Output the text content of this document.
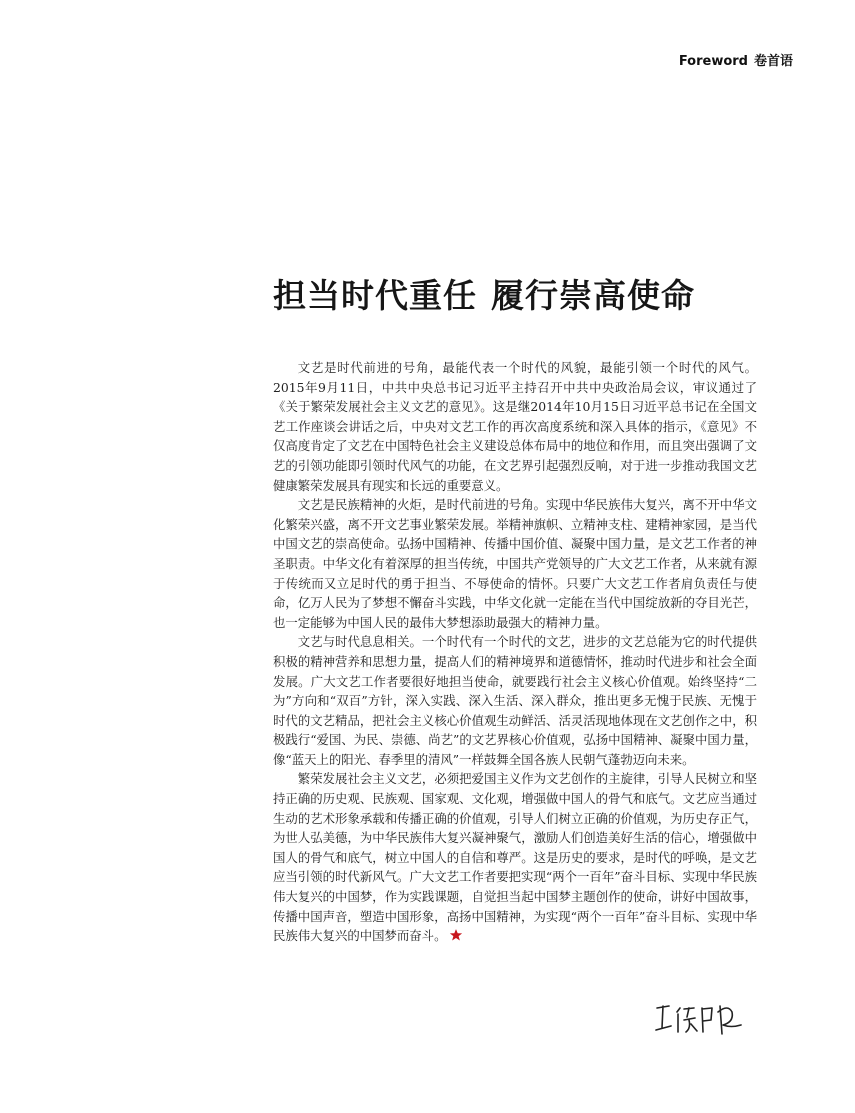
Foreword 卷首语
担当时代重任 履行崇高使命

文艺是时代前进的号角，最能代表一个时代的风貌，最能引领一个时代的风气。2015年9月11日，中共中央总书记习近平主持召开中共中央政治局会议，审议通过了《关于繁荣发展社会主义文艺的意见》。这是继2014年10月15日习近平总书记在全国文艺工作座谈会讲话之后，中央对文艺工作的再次高度系统和深入具体的指示，《意见》不仅高度肯定了文艺在中国特色社会主义建设总体布局中的地位和作用，而且突出强调了文艺的引领功能即引领时代风气的功能，在文艺界引起强烈反响，对于进一步推动我国文艺健康繁荣发展具有现实和长远的重要意义。

文艺是民族精神的火炬，是时代前进的号角。实现中华民族伟大复兴，离不开中华文化繁荣兴盛，离不开文艺事业繁荣发展。举精神旗帜、立精神支柱、建精神家园，是当代中国文艺的崇高使命。弘扬中国精神、传播中国价值、凝聚中国力量，是文艺工作者的神圣职责。中华文化有着深厚的担当传统，中国共产党领导的广大文艺工作者，从来就有源于传统而又立足时代的勇于担当、不辱使命的情怀。只要广大文艺工作者肩负责任与使命，亿万人民为了梦想不懈奋斗实践，中华文化就一定能在当代中国绽放新的夺目光芒，也一定能够为中国人民的最伟大梦想添助最强大的精神力量。

文艺与时代息息相关。一个时代有一个时代的文艺，进步的文艺总能为它的时代提供积极的精神营养和思想力量，提高人们的精神境界和道德情怀，推动时代进步和社会全面发展。广大文艺工作者要很好地担当使命，就要践行社会主义核心价值观。始终坚持“二为”方向和“双百”方针，深入实践、深入生活、深入群众，推出更多无愧于民族、无愧于时代的文艺精品，把社会主义核心价值观生动鲜活、活灵活现地体现在文艺创作之中，积极践行“爱国、为民、崇德、尚艺”的文艺界核心价值观，弘扬中国精神、凝聚中国力量，像“蓝天上的阳光、春季里的清风”一样鼓舞全国各族人民朝气蓬勃迈向未来。

繁荣发展社会主义文艺，必须把爱国主义作为文艺创作的主旋律，引导人民树立和坚持正确的历史观、民族观、国家观、文化观，增强做中国人的骨气和底气。文艺应当通过生动的艺术形象承载和传播正确的价值观，引导人们树立正确的价值观，为历史存正气，为世人弘美德，为中华民族伟大复兴凝神聚气，激励人们创造美好生活的信心，增强做中国人的骨气和底气，树立中国人的自信和尊严。这是历史的要求，是时代的呼唤，是文艺应当引领的时代新风气。广大文艺工作者要把实现“两个一百年”奋斗目标、实现中华民族伟大复兴的中国梦，作为实践课题，自觉担当起中国梦主题创作的使命，讲好中国故事，传播中国声音，塑造中国形象，高扬中国精神，为实现“两个一百年”奋斗目标、实现中华民族伟大复兴的中国梦而奋斗。
